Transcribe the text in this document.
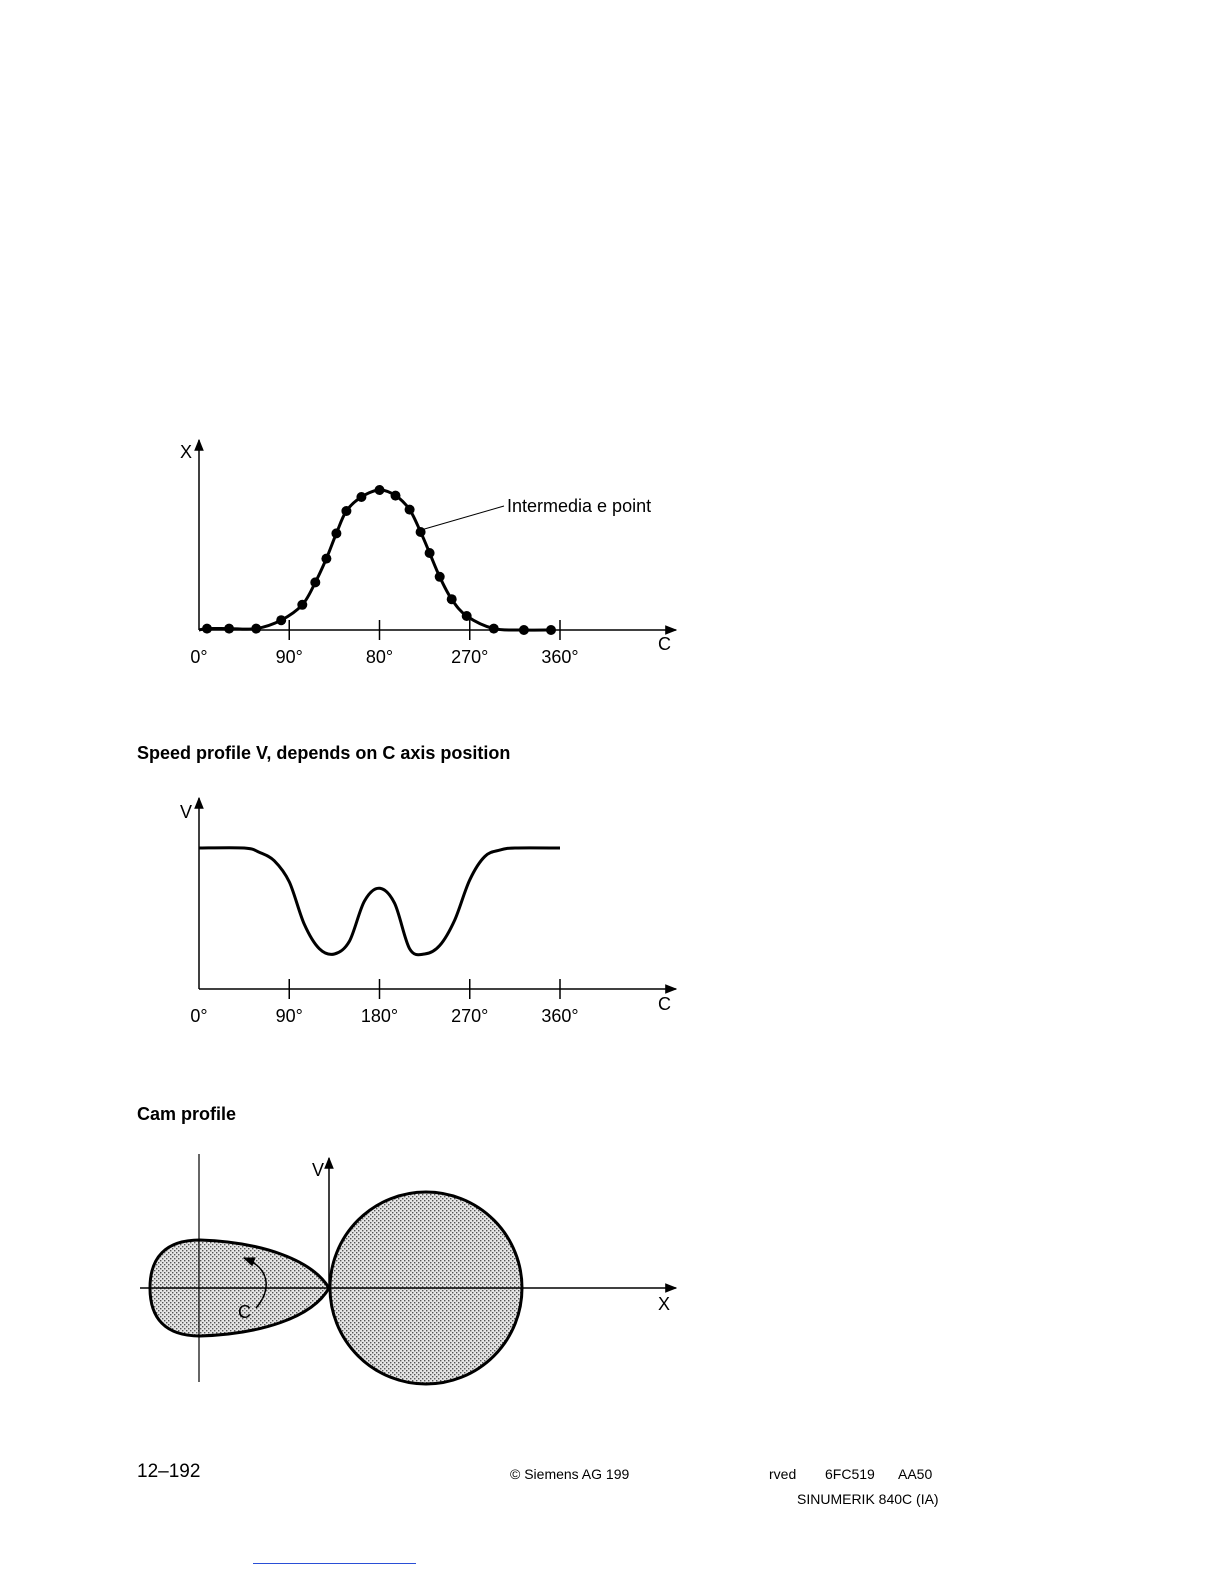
X
C
0°	90°	80°	270°	360°
Intermedia e point
Speed profile V, depends on C axis position
V
C
0°	90°	180°	270°	360°
Cam profile
V
X
C
12–192	© Siemens AG 199	rved 6FC519 AA50
SINUMERIK 840C (IA)
